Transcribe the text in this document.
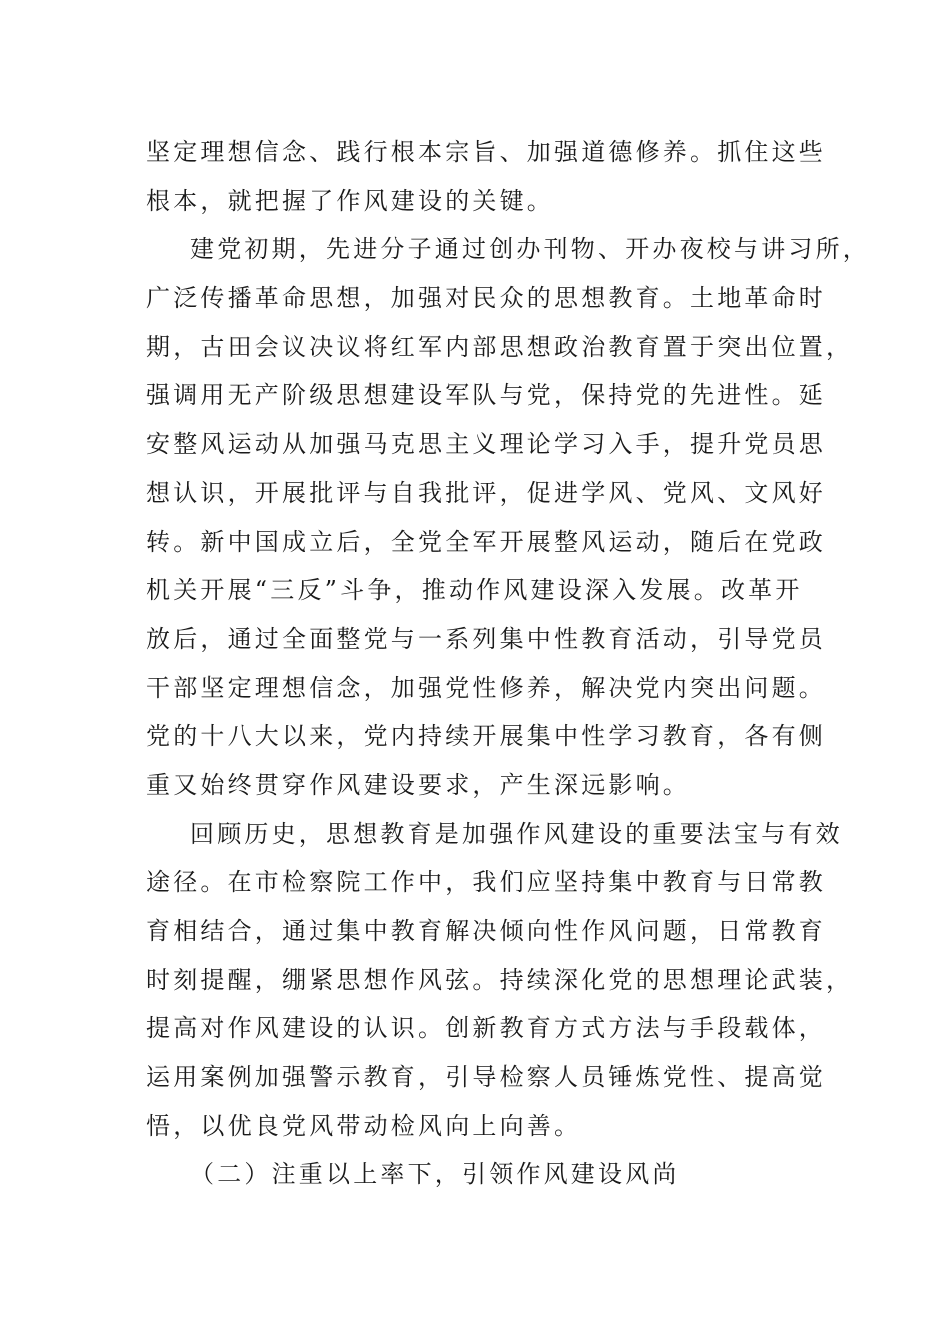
坚定理想信念、践行根本宗旨、加强道德修养。抓住这些
根本，就把握了作风建设的关键。
建党初期，先进分子通过创办刊物、开办夜校与讲习所，
广泛传播革命思想，加强对民众的思想教育。土地革命时
期，古田会议决议将红军内部思想政治教育置于突出位置，
强调用无产阶级思想建设军队与党，保持党的先进性。延
安整风运动从加强马克思主义理论学习入手，提升党员思
想认识，开展批评与自我批评，促进学风、党风、文风好
转。新中国成立后，全党全军开展整风运动，随后在党政
机关开展“三反”斗争，推动作风建设深入发展。改革开
放后，通过全面整党与一系列集中性教育活动，引导党员
干部坚定理想信念，加强党性修养，解决党内突出问题。
党的十八大以来，党内持续开展集中性学习教育，各有侧
重又始终贯穿作风建设要求，产生深远影响。
回顾历史，思想教育是加强作风建设的重要法宝与有效
途径。在市检察院工作中，我们应坚持集中教育与日常教
育相结合，通过集中教育解决倾向性作风问题，日常教育
时刻提醒，绷紧思想作风弦。持续深化党的思想理论武装，
提高对作风建设的认识。创新教育方式方法与手段载体，
运用案例加强警示教育，引导检察人员锤炼党性、提高觉
悟，以优良党风带动检风向上向善。
（二）注重以上率下，引领作风建设风尚
